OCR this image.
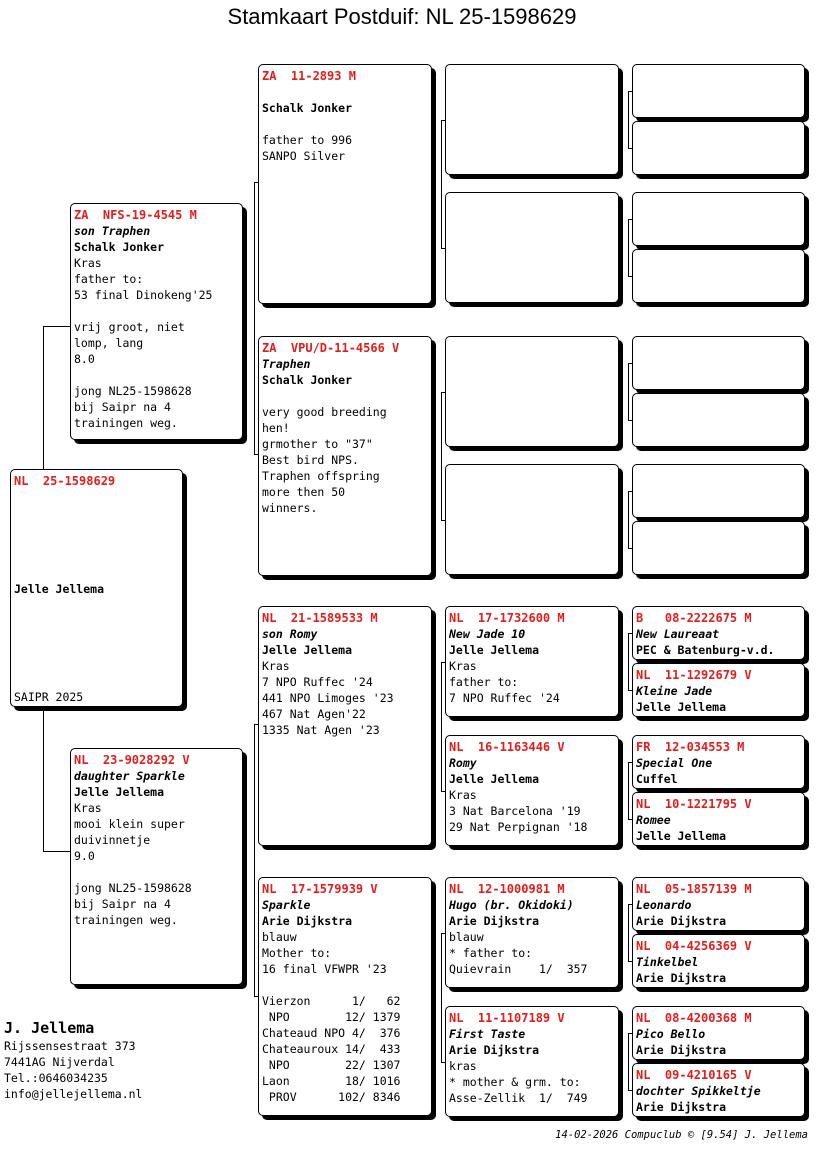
Stamkaart Postduif: NL 25-1598629
NL  25-1598629

Jelle Jellema

SAIPR 2025

ZA  NFS-19-4545 M
son Traphen
Schalk Jonker
Kras
father to:
53 final Dinokeng'25
vrij groot, niet
lomp, lang
8.0
jong NL25-1598628
bij Saipr na 4
trainingen weg.
NL  23-9028292 V
daughter Sparkle
Jelle Jellema
Kras
mooi klein super
duivinnetje
9.0
jong NL25-1598628
bij Saipr na 4
trainingen weg.
ZA  11-2893 M
Schalk Jonker
father to 996
SANPO Silver
ZA  VPU/D-11-4566 V
Traphen
Schalk Jonker
very good breeding
hen!
grmother to "37"
Best bird NPS.
Traphen offspring
more then 50
winners.
NL  21-1589533 M
son Romy
Jelle Jellema
Kras
7 NPO Ruffec '24
441 NPO Limoges '23
467 Nat Agen'22
1335 Nat Agen '23
NL  17-1579939 V
Sparkle
Arie Dijkstra
blauw
Mother to:
16 final VFWPR '23
Vierzon      1/   62
NPO        12/ 1379
Chateaud NPO 4/  376
Chateauroux 14/  433
NPO        22/ 1307
Laon        18/ 1016
PROV      102/ 8346
NL  17-1732600 M
New Jade 10
Jelle Jellema
Kras
father to:
7 NPO Ruffec '24
NL  16-1163446 V
Romy
Jelle Jellema
Kras
3 Nat Barcelona '19
29 Nat Perpignan '18
NL  12-1000981 M
Hugo (br. Okidoki)
Arie Dijkstra
blauw
* father to:
Quievrain    1/  357
NL  11-1107189 V
First Taste
Arie Dijkstra
kras
* mother & grm. to:
Asse-Zellik  1/  749
B   08-2222675 M
New Laureaat
PEC & Batenburg-v.d.
NL  11-1292679 V
Kleine Jade
Jelle Jellema
FR  12-034553 M
Special One
Cuffel
NL  10-1221795 V
Romee
Jelle Jellema
NL  05-1857139 M
Leonardo
Arie Dijkstra
NL  04-4256369 V
Tinkelbel
Arie Dijkstra
NL  08-4200368 M
Pico Bello
Arie Dijkstra
NL  09-4210165 V
dochter Spikkeltje
Arie Dijkstra
J. Jellema
Rijssensestraat 373
7441AG Nijverdal
Tel.:0646034235
info@jellejellema.nl
14-02-2026 Compuclub © [9.54] J. Jellema
